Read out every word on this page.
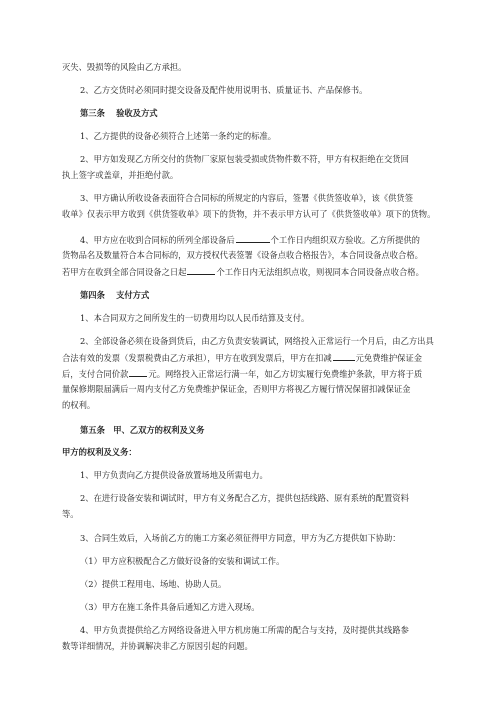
灭失、毁损等的风险由乙方承担。
2、乙方交货时必须同时提交设备及配件使用说明书、质量证书、产品保修书。
第三条　 验收及方式
1、乙方提供的设备必须符合上述第一条约定的标准。
2、甲方如发现乙方所交付的货物厂家原包装受损或货物件数不符，甲方有权拒绝在交货回
执上签字或盖章，并拒绝付款。
3、甲方确认所收设备表面符合合同标的所规定的内容后，签署《供货签收单》，该《供货签
收单》仅表示甲方收到《供货签收单》项下的货物，并不表示甲方认可了《供货签收单》项下的货物。
4、甲方应在收到合同标的所列全部设备后	个工作日内组织双方验收。乙方所提供的
货物品名及数量符合本合同标的，双方授权代表签署《设备点收合格报告》，本合同设备点收合格。
若甲方在收到全部合同设备之日起	个工作日内无法组织点收，则视同本合同设备点收合格。
第四条　 支付方式
1、本合同双方之间所发生的一切费用均以人民币结算及支付。
2、全部设备必须在设备到货后，由乙方负责安装调试，网络投入正常运行一个月后，由乙方出具
合法有效的发票（发票税费由乙方承担），甲方在收到发票后，甲方在扣减	元免费维护保证金
后，支付合同价款 元。网络投入正常运行满一年，如乙方切实履行免费维护条款，甲方将于质
量保修期限届满后一周内支付乙方免费维护保证金，否则甲方将视乙方履行情况保留扣减保证金
的权利。
第五条　甲、乙双方的权利及义务
甲方的权利及义务：
1、甲方负责向乙方提供设备放置场地及所需电力。
2、在进行设备安装和调试时，甲方有义务配合乙方，提供包括线路、原有系统的配置资料
等。
3、合同生效后，入场前乙方的施工方案必须征得甲方同意，甲方为乙方提供如下协助：
（1）甲方应积极配合乙方做好设备的安装和调试工作。
（2）提供工程用电、场地、协助人员。
（3）甲方在施工条件具备后通知乙方进入现场。
4、甲方负责提供给乙方网络设备进入甲方机房施工所需的配合与支持，及时提供其线路参
数等详细情况，并协调解决非乙方原因引起的问题。
